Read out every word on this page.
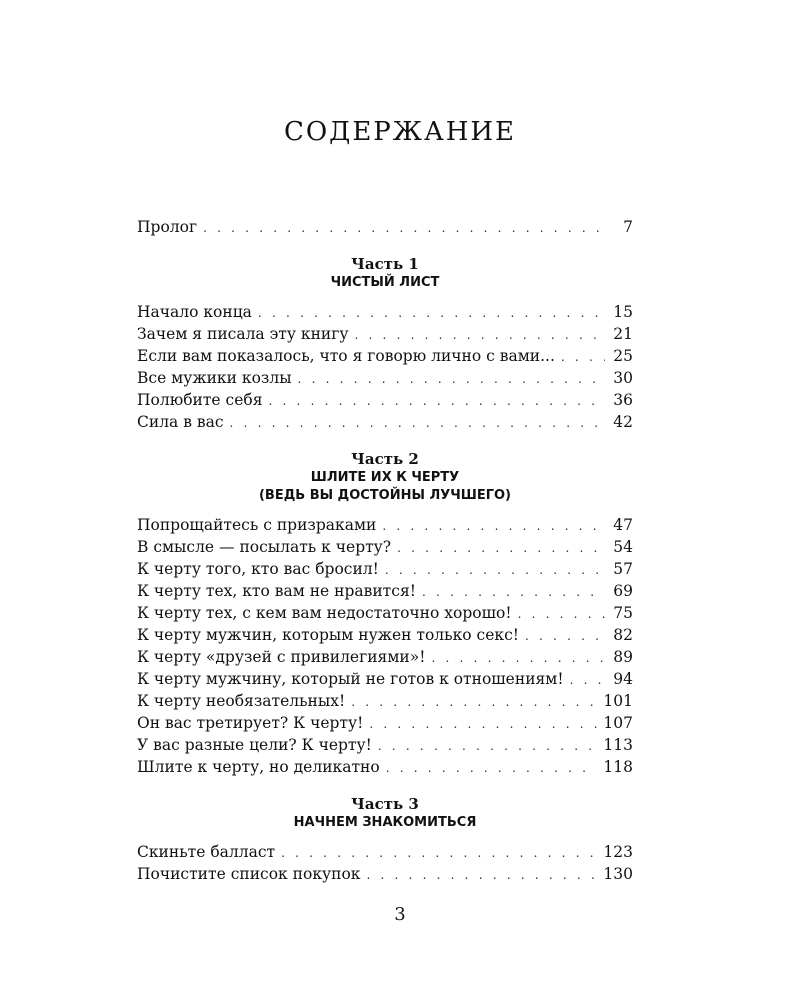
СОДЕРЖАНИЕ
Пролог . . .	7
Часть 1
ЧИСТЫЙ ЛИСТ
Начало конца . . .	15
Зачем я писала эту книгу . . .	21
Если вам показалось, что я говорю лично с вами... . . .	25
Все мужики козлы . . .	30
Полюбите себя . . .	36
Сила в вас . . .	42
Часть 2
ШЛИТЕ ИХ К ЧЕРТУ
(ВЕДЬ ВЫ ДОСТОЙНЫ ЛУЧШЕГО)
Попрощайтесь с призраками . . .	47
В смысле — посылать к черту? . . .	54
К черту того, кто вас бросил! . . .	57
К черту тех, кто вам не нравится! . . .	69
К черту тех, с кем вам недостаточно хорошо! . . .	75
К черту мужчин, которым нужен только секс! . . .	82
К черту «друзей с привилегиями»! . . .	89
К черту мужчину, который не готов к отношениям! . . .	94
К черту необязательных! . . .	101
Он вас третирует? К черту! . . .	107
У вас разные цели? К черту! . . .	113
Шлите к черту, но деликатно . . .	118
Часть 3
НАЧНЕМ ЗНАКОМИТЬСЯ
Скиньте балласт . . .	123
Почистите список покупок . . .	130
3
